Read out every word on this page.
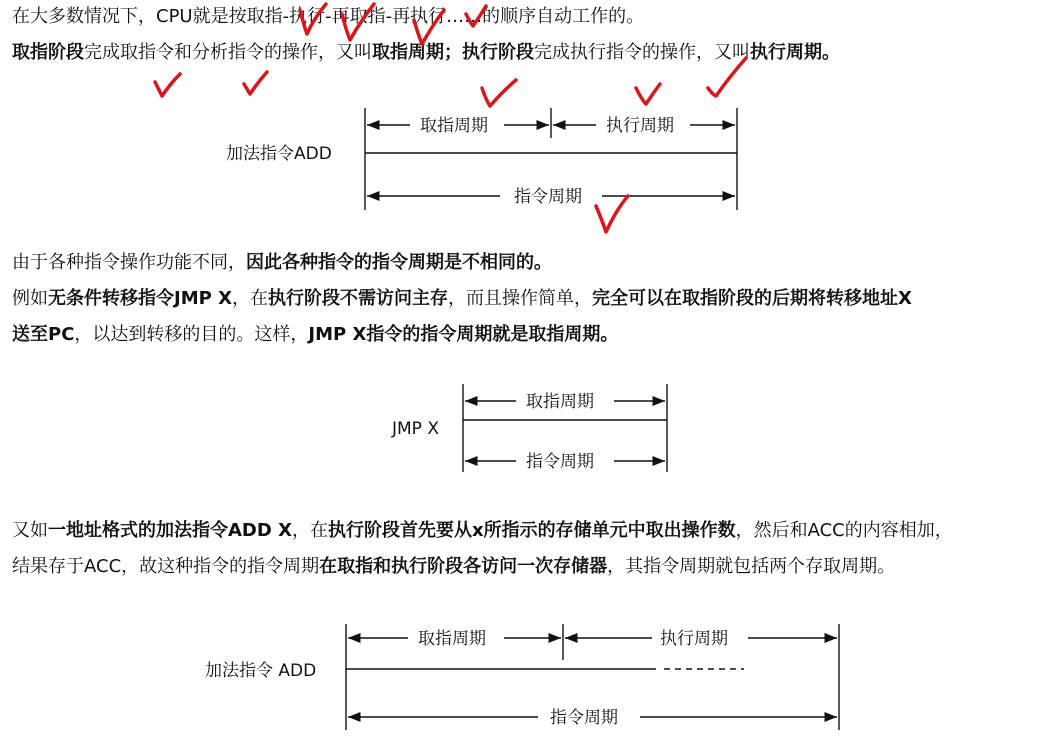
在大多数情况下，CPU就是按取指-执行-再取指-再执行……的顺序自动工作的。
取指阶段完成取指令和分析指令的操作，又叫取指周期；执行阶段完成执行指令的操作，又叫执行周期。
由于各种指令操作功能不同，因此各种指令的指令周期是不相同的。
例如无条件转移指令JMP X，在执行阶段不需访问主存，而且操作简单，完全可以在取指阶段的后期将转移地址X
送至PC，以达到转移的目的。这样，JMP X指令的指令周期就是取指周期。
又如一地址格式的加法指令ADD X，在执行阶段首先要从x所指示的存储单元中取出操作数，然后和ACC的内容相加，
结果存于ACC，故这种指令的指令周期在取指和执行阶段各访问一次存储器，其指令周期就包括两个存取周期。
加法指令ADD
取指周期	执行周期
指令周期
JMP X
取指周期
指令周期
加法指令 ADD
取指周期	执行周期
指令周期
